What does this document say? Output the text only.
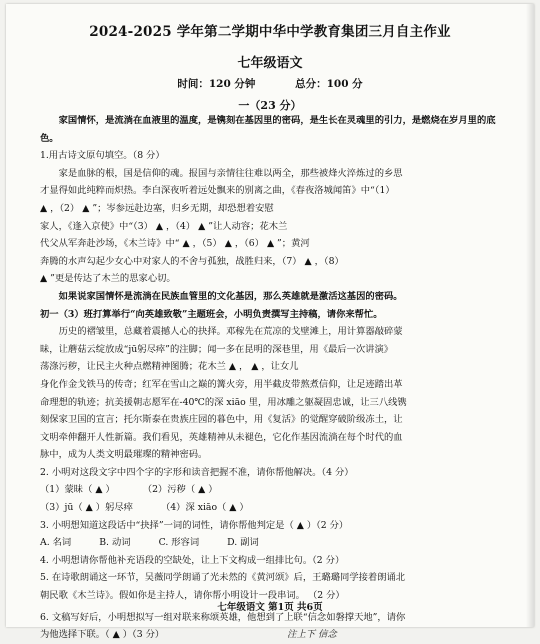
2024-2025 学年第二学期中华中学教育集团三月自主作业
七年级语文
时间：120 分钟	总分：100 分
一（23 分）

家国情怀，是流淌在血液里的温度，是镌刻在基因里的密码，是生长在灵魂里的引力，是燃烧在岁月里的底色。

1.用古诗文原句填空。（8 分）

家是血脉的根，国是信仰的魂。报国与亲情往往难以两全，那些被烽火淬炼过的乡思

才显得如此纯粹而炽热。李白深夜听着远处飘来的别离之曲，《春夜洛城闻笛》中“（1）

▲ ，（2） ▲ ”；岑参远赴边塞，归乡无期，却恐想着安慰

家人，《逢入京使》中“（3） ▲ ，（4） ▲ ”让人动容；花木兰

代父从军奔赴沙场，《木兰诗》中“ ▲ ，（5） ▲ ，（6） ▲ ”；黄河

奔腾的水声勾起少女心中对家人的不舍与孤独，战胜归来，（7） ▲ ，（8）

▲ ”更是传达了木兰的思家心切。

如果说家国情怀是流淌在民族血管里的文化基因，那么英雄就是激活这基因的密码。

初一（3）班打算举行“向英雄致敬”主题班会，小明负责撰写主持稿，请你来帮忙。

历史的褶皱里，总藏着震撼人心的抉择。邓稼先在荒凉的戈壁滩上，用计算器敲碎蒙

昧，让蘑菇云绽放成“jū躬尽瘁”的注脚；闻一多在昆明的深巷里，用《最后一次讲演》

荡涤污秽，让民主火种点燃精神图腾；花木兰 ▲ ， ▲ ，让女儿

身化作金戈铁马的传奇；红军在雪山之巅的篝火旁，用半截皮带熬煮信仰，让足迹踏出革

命理想的轨迹；抗美援朝志愿军在-40℃的深 xiāo 里，用冰雕之躯凝固忠诚，让三八线镌

刻保家卫国的宣言；托尔斯泰在贵族庄园的暮色中，用《复活》的觉醒穿破阶级冻土，让

文明牵伸翻开人性新篇。我们看见，英雄精神从未褪色，它化作基因流淌在每个时代的血

脉中，成为人类文明最璀璨的精神密码。

2. 小明对这段文字中四个字的字形和读音把握不准，请你帮他解决。（4 分）

（1）蒙昧（ ▲ ）	（2）污秽（ ▲ ）
（3）jū（ ▲ ）躬尽瘁	（4）深 xiāo（ ▲ ）

3. 小明想知道这段话中“抉择”一词的词性，请你帮他判定是（ ▲ ）（2 分）

A. 名词	B. 动词	C. 形容词	D. 副词

4. 小明想请你帮他补充语段的空缺处，让上下文构成一组排比句。（2 分）

5. 在诗歌朗诵这一环节，吴薇同学朗诵了光未然的《黄河颂》后，王璐璐同学接着朗诵北

朝民歌《木兰诗》。假如你是主持人，请你帮小明设计一段串词。 （2 分）

6. 文稿写好后，小明想拟写一组对联来称颂英雄，他想到了上联“信念如磐撑天地”，请你

为他选择下联。（ ▲ ）（3 分）	注上下 信念

七年级语文 第1页 共6页
